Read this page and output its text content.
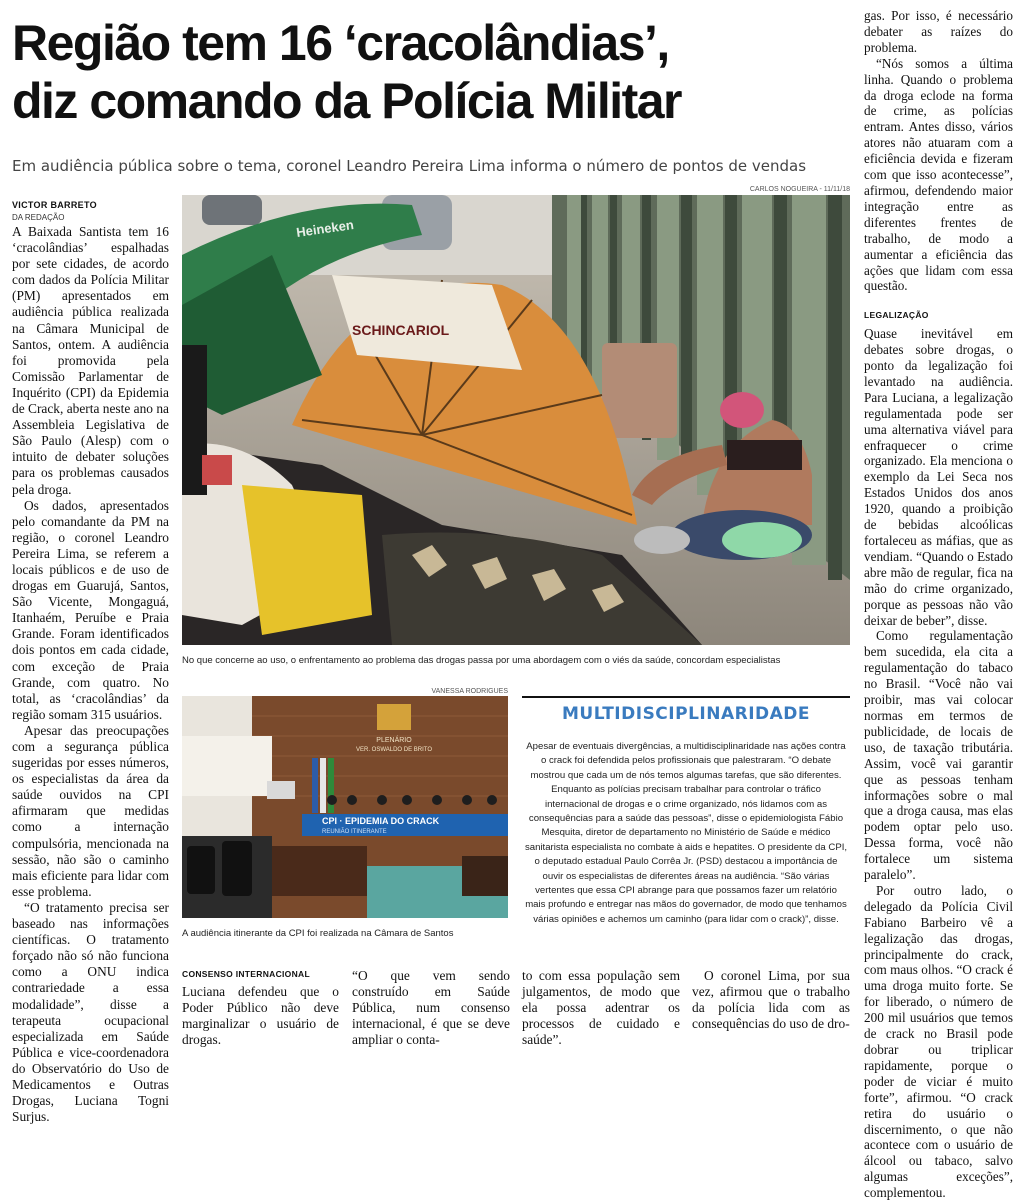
Região tem 16 ‘cracolândias’,
diz comando da Polícia Militar

Em audiência pública sobre o tema, coronel Leandro Pereira Lima informa o número de pontos de vendas

VICTOR BARRETO
DA REDAÇÃO

A Baixada Santista tem 16 ‘cracolândias’ espalhadas por sete cidades, de acordo com dados da Polícia Militar (PM) apresentados em audiência pública realizada na Câmara Municipal de Santos, ontem. A audiência foi promovida pela Comissão Parlamentar de Inquérito (CPI) da Epidemia de Crack, aberta neste ano na Assembleia Legislativa de São Paulo (Alesp) com o intuito de debater soluções para os problemas causados pela droga.

Os dados, apresentados pelo comandante da PM na região, o coronel Leandro Pereira Lima, se referem a locais públicos e de uso de drogas em Guarujá, Santos, São Vicente, Mongaguá, Itanhaém, Peruíbe e Praia Grande. Foram identificados dois pontos em cada cidade, com exceção de Praia Grande, com quatro. No total, as ‘cracolândias’ da região somam 315 usuários.

Apesar das preocupações com a segurança pública sugeridas por esses números, os especialistas da área da saúde ouvidos na CPI afirmaram que medidas como a internação compulsória, mencionada na sessão, não são o caminho mais eficiente para lidar com esse problema.

“O tratamento precisa ser baseado nas informações científicas. O tratamento forçado não só não funciona como a ONU indica contrariedade a essa modalidade”, disse a terapeuta ocupacional especializada em Saúde Pública e vice-coordenadora do Observatório do Uso de Medicamentos e Outras Drogas, Luciana Togni Surjus.

CARLOS NOGUEIRA - 11/11/18
SCHINCARIOL
Heineken
No que concerne ao uso, o enfrentamento ao problema das drogas passa por uma abordagem com o viés da saúde, concordam especialistas
VANESSA RODRIGUES
PLENÁRIO
VER. OSWALDO DE BRITO
CPI · EPIDEMIA DO CRACK
REUNIÃO ITINERANTE
A audiência itinerante da CPI foi realizada na Câmara de Santos
MULTIDISCIPLINARIDADE
Apesar de eventuais divergências, a multidisciplinaridade nas ações contra o crack foi defendida pelos profissionais que palestraram. “O debate mostrou que cada um de nós temos algumas tarefas, que são diferentes. Enquanto as polícias precisam trabalhar para controlar o tráfico internacional de drogas e o crime organizado, nós lidamos com as consequências para a saúde das pessoas”, disse o epidemiologista Fábio Mesquita, diretor de departamento no Ministério de Saúde e médico sanitarista especialista no combate à aids e hepatites. O presidente da CPI, o deputado estadual Paulo Corrêa Jr. (PSD) destacou a importância de ouvir os especialistas de diferentes áreas na audiência. “São várias vertentes que essa CPI abrange para que possamos fazer um relatório mais profundo e entregar nas mãos do governador, de modo que tenhamos várias opiniões e achemos um caminho (para lidar com o crack)”, disse.
CONSENSO INTERNACIONAL

Luciana defendeu que o Poder Público não deve marginalizar o usuário de drogas.

“O que vem sendo construído em Saúde Pública, num consenso internacional, é que se deve ampliar o conta-

to com essa população sem julgamentos, de modo que ela possa adentrar os processos de cuidado e saúde”.

O coronel Lima, por sua vez, afirmou que o trabalho da polícia lida com as consequências do uso de dro-

gas. Por isso, é necessário debater as raízes do problema.

“Nós somos a última linha. Quando o problema da droga eclode na forma de crime, as polícias entram. Antes disso, vários atores não atuaram com a eficiência devida e fizeram com que isso acontecesse”, afirmou, defendendo maior integração entre as diferentes frentes de trabalho, de modo a aumentar a eficiência das ações que lidam com essa questão.

LEGALIZAÇÃO

Quase inevitável em debates sobre drogas, o ponto da legalização foi levantado na audiência. Para Luciana, a legalização regulamentada pode ser uma alternativa viável para enfraquecer o crime organizado. Ela menciona o exemplo da Lei Seca nos Estados Unidos dos anos 1920, quando a proibição de bebidas alcoólicas fortaleceu as máfias, que as vendiam. “Quando o Estado abre mão de regular, fica na mão do crime organizado, porque as pessoas não vão deixar de beber”, disse.

Como regulamentação bem sucedida, ela cita a regulamentação do tabaco no Brasil. “Você não vai proibir, mas vai colocar normas em termos de publicidade, de locais de uso, de taxação tributária. Assim, você vai garantir que as pessoas tenham informações sobre o mal que a droga causa, mas elas podem optar pelo uso. Dessa forma, você não fortalece um sistema paralelo”.

Por outro lado, o delegado da Polícia Civil Fabiano Barbeiro vê a legalização das drogas, principalmente do crack, com maus olhos. “O crack é uma droga muito forte. Se for liberado, o número de 200 mil usuários que temos de crack no Brasil pode dobrar ou triplicar rapidamente, porque o poder de viciar é muito forte”, afirmou. “O crack retira do usuário o discernimento, o que não acontece com o usuário de álcool ou tabaco, salvo algumas exceções”, complementou.
